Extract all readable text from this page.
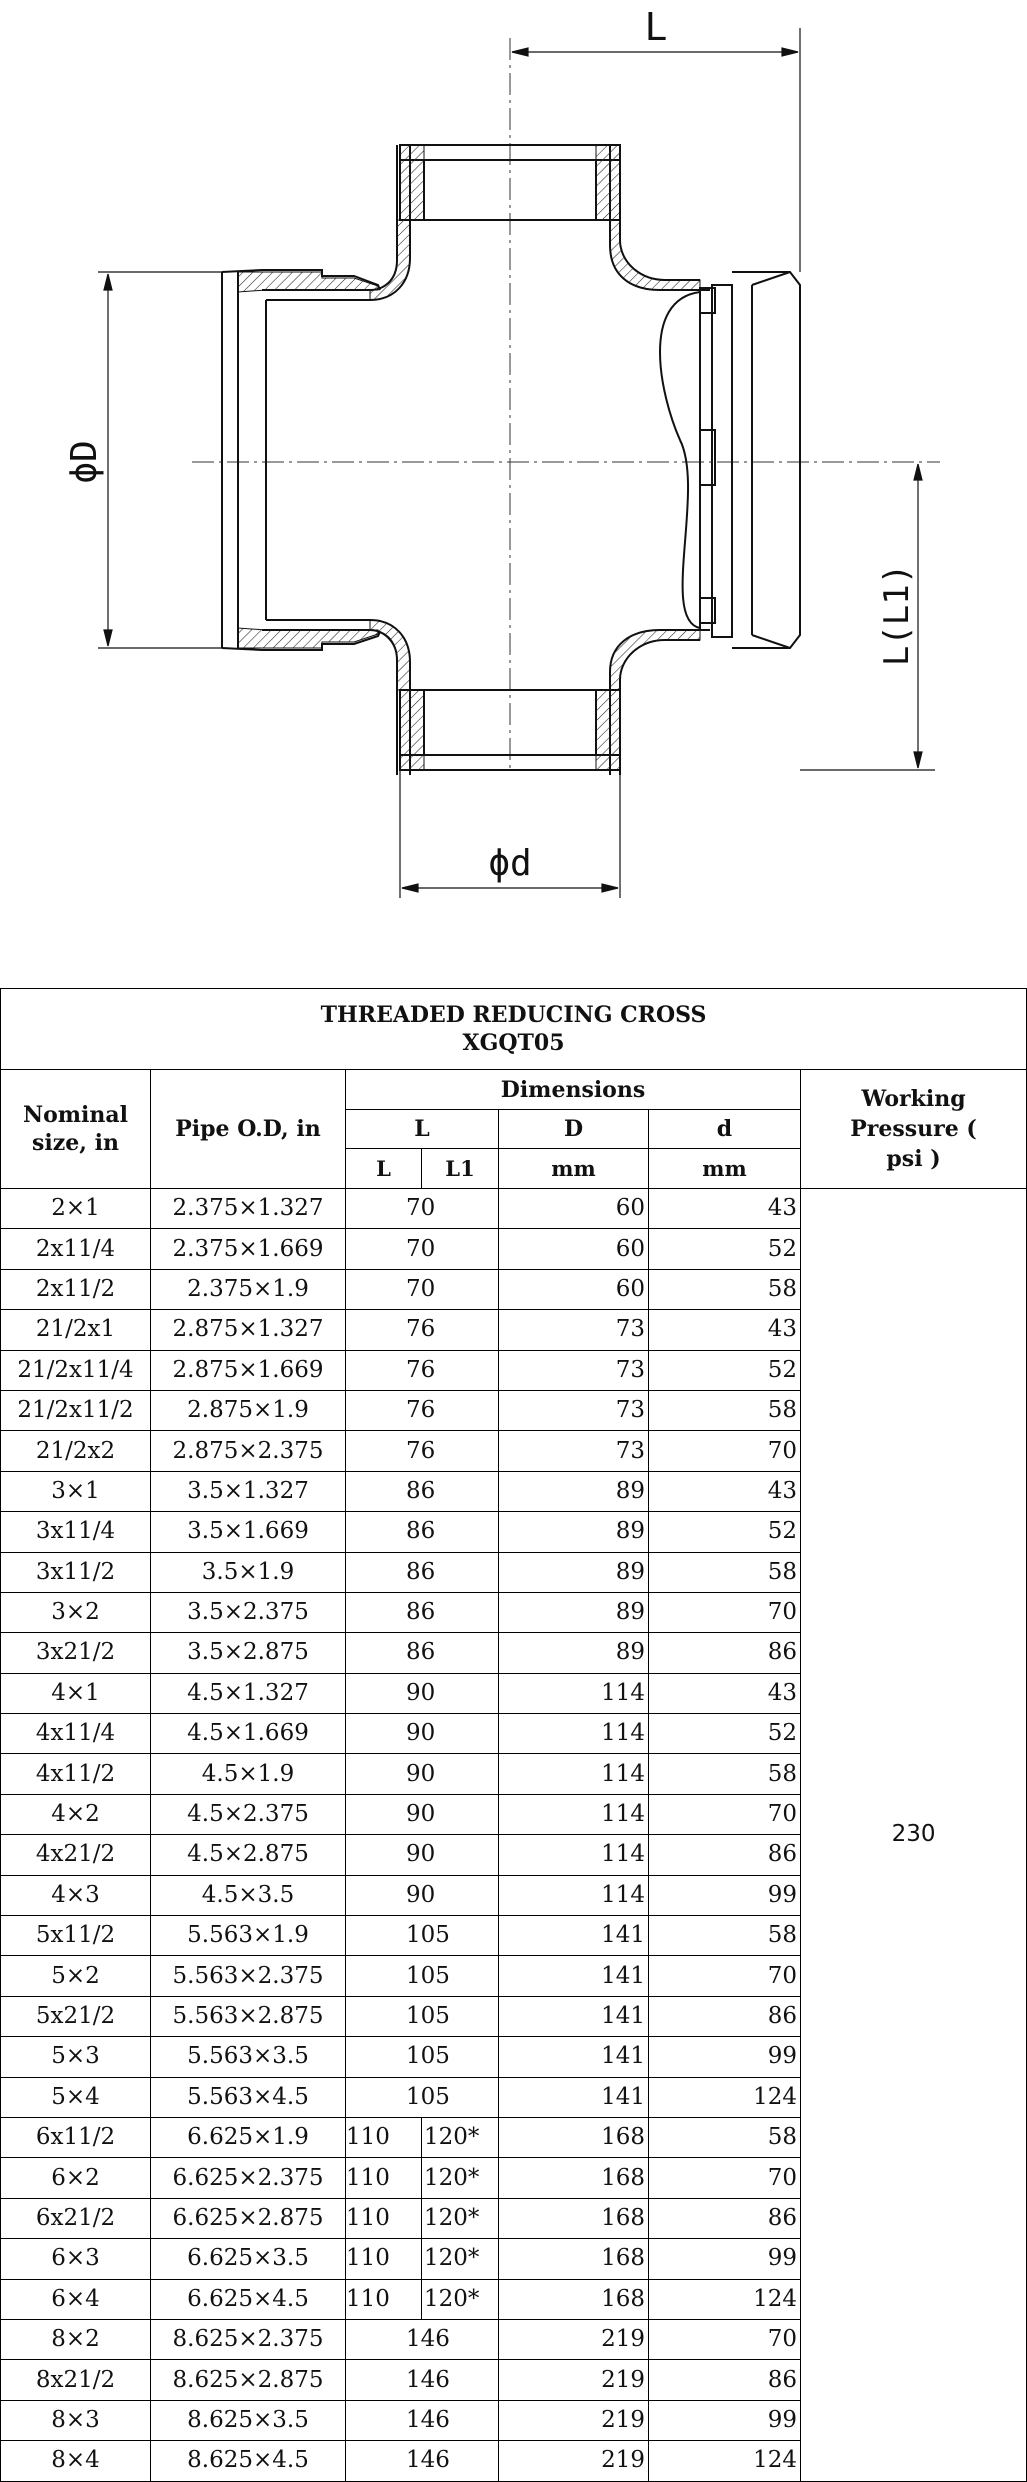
L
ϕD
L(L1)
ϕd
THREADED REDUCING CROSS
XGQT05						

Nominal size, in	Pipe O.D, in	Dimensions				Working Pressure ( psi )
		L		D	d	
		L	L1	mm	mm	
2×1	2.375×1.327	70		60	43	230
2x11/4	2.375×1.669	70		60	52	
2x11/2	2.375×1.9	70		60	58	
21/2x1	2.875×1.327	76		73	43	
21/2x11/4	2.875×1.669	76		73	52	
21/2x11/2	2.875×1.9	76		73	58	
21/2x2	2.875×2.375	76		73	70	
3×1	3.5×1.327	86		89	43	
3x11/4	3.5×1.669	86		89	52	
3x11/2	3.5×1.9	86		89	58	
3×2	3.5×2.375	86		89	70	
3x21/2	3.5×2.875	86		89	86	
4×1	4.5×1.327	90		114	43	
4x11/4	4.5×1.669	90		114	52	
4x11/2	4.5×1.9	90		114	58	
4×2	4.5×2.375	90		114	70	
4x21/2	4.5×2.875	90		114	86	
4×3	4.5×3.5	90		114	99	
5x11/2	5.563×1.9	105		141	58	
5×2	5.563×2.375	105		141	70	
5x21/2	5.563×2.875	105		141	86	
5×3	5.563×3.5	105		141	99	
5×4	5.563×4.5	105		141	124	
6x11/2	6.625×1.9	110	120*	168	58	
6×2	6.625×2.375	110	120*	168	70	
6x21/2	6.625×2.875	110	120*	168	86	
6×3	6.625×3.5	110	120*	168	99	
6×4	6.625×4.5	110	120*	168	124	
8×2	8.625×2.375	146		219	70	
8x21/2	8.625×2.875	146		219	86	
8×3	8.625×3.5	146		219	99	
8×4	8.625×4.5	146		219	124	
